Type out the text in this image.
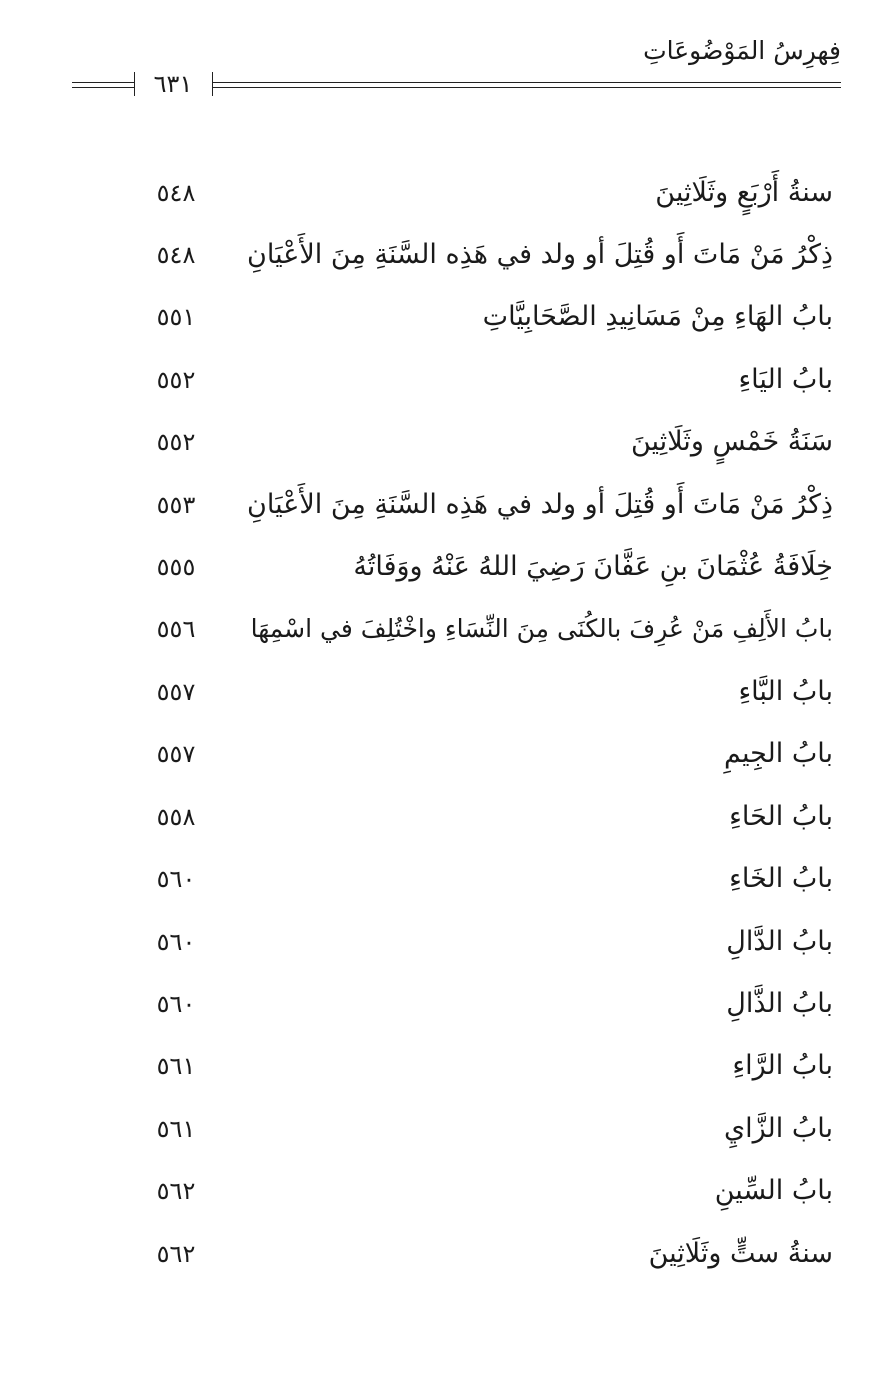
فِهرِسُ المَوْضُوعَاتِ
٦٣١
سنةُ أَرْبَعٍ وثَلَاثِينَ
٥٤٨
ذِكْرُ مَنْ مَاتَ أَو قُتِلَ أو ولد في هَذِه السَّنَةِ مِنَ الأَعْيَانِ
٥٤٨
بابُ الهَاءِ مِنْ مَسَانِيدِ الصَّحَابِيَّاتِ
٥٥١
بابُ اليَاءِ
٥٥٢
سَنَةُ خَمْسٍ وثَلَاثِينَ
٥٥٢
ذِكْرُ مَنْ مَاتَ أَو قُتِلَ أو ولد في هَذِه السَّنَةِ مِنَ الأَعْيَانِ
٥٥٣
خِلَافَةُ عُثْمَانَ بنِ عَفَّانَ رَضِيَ اللهُ عَنْهُ ووَفَاتُهُ
٥٥٥
بابُ الأَلِفِ مَنْ عُرِفَ بالكُنَى مِنَ النِّسَاءِ واخْتُلِفَ في اسْمِهَا
٥٥٦
بابُ البَّاءِ
٥٥٧
بابُ الجِيمِ
٥٥٧
بابُ الحَاءِ
٥٥٨
بابُ الخَاءِ
٥٦٠
بابُ الدَّالِ
٥٦٠
بابُ الذَّالِ
٥٦٠
بابُ الرَّاءِ
٥٦١
بابُ الزَّايِ
٥٦١
بابُ السِّينِ
٥٦٢
سنةُ ستٍّ وثَلَاثِينَ
٥٦٢
